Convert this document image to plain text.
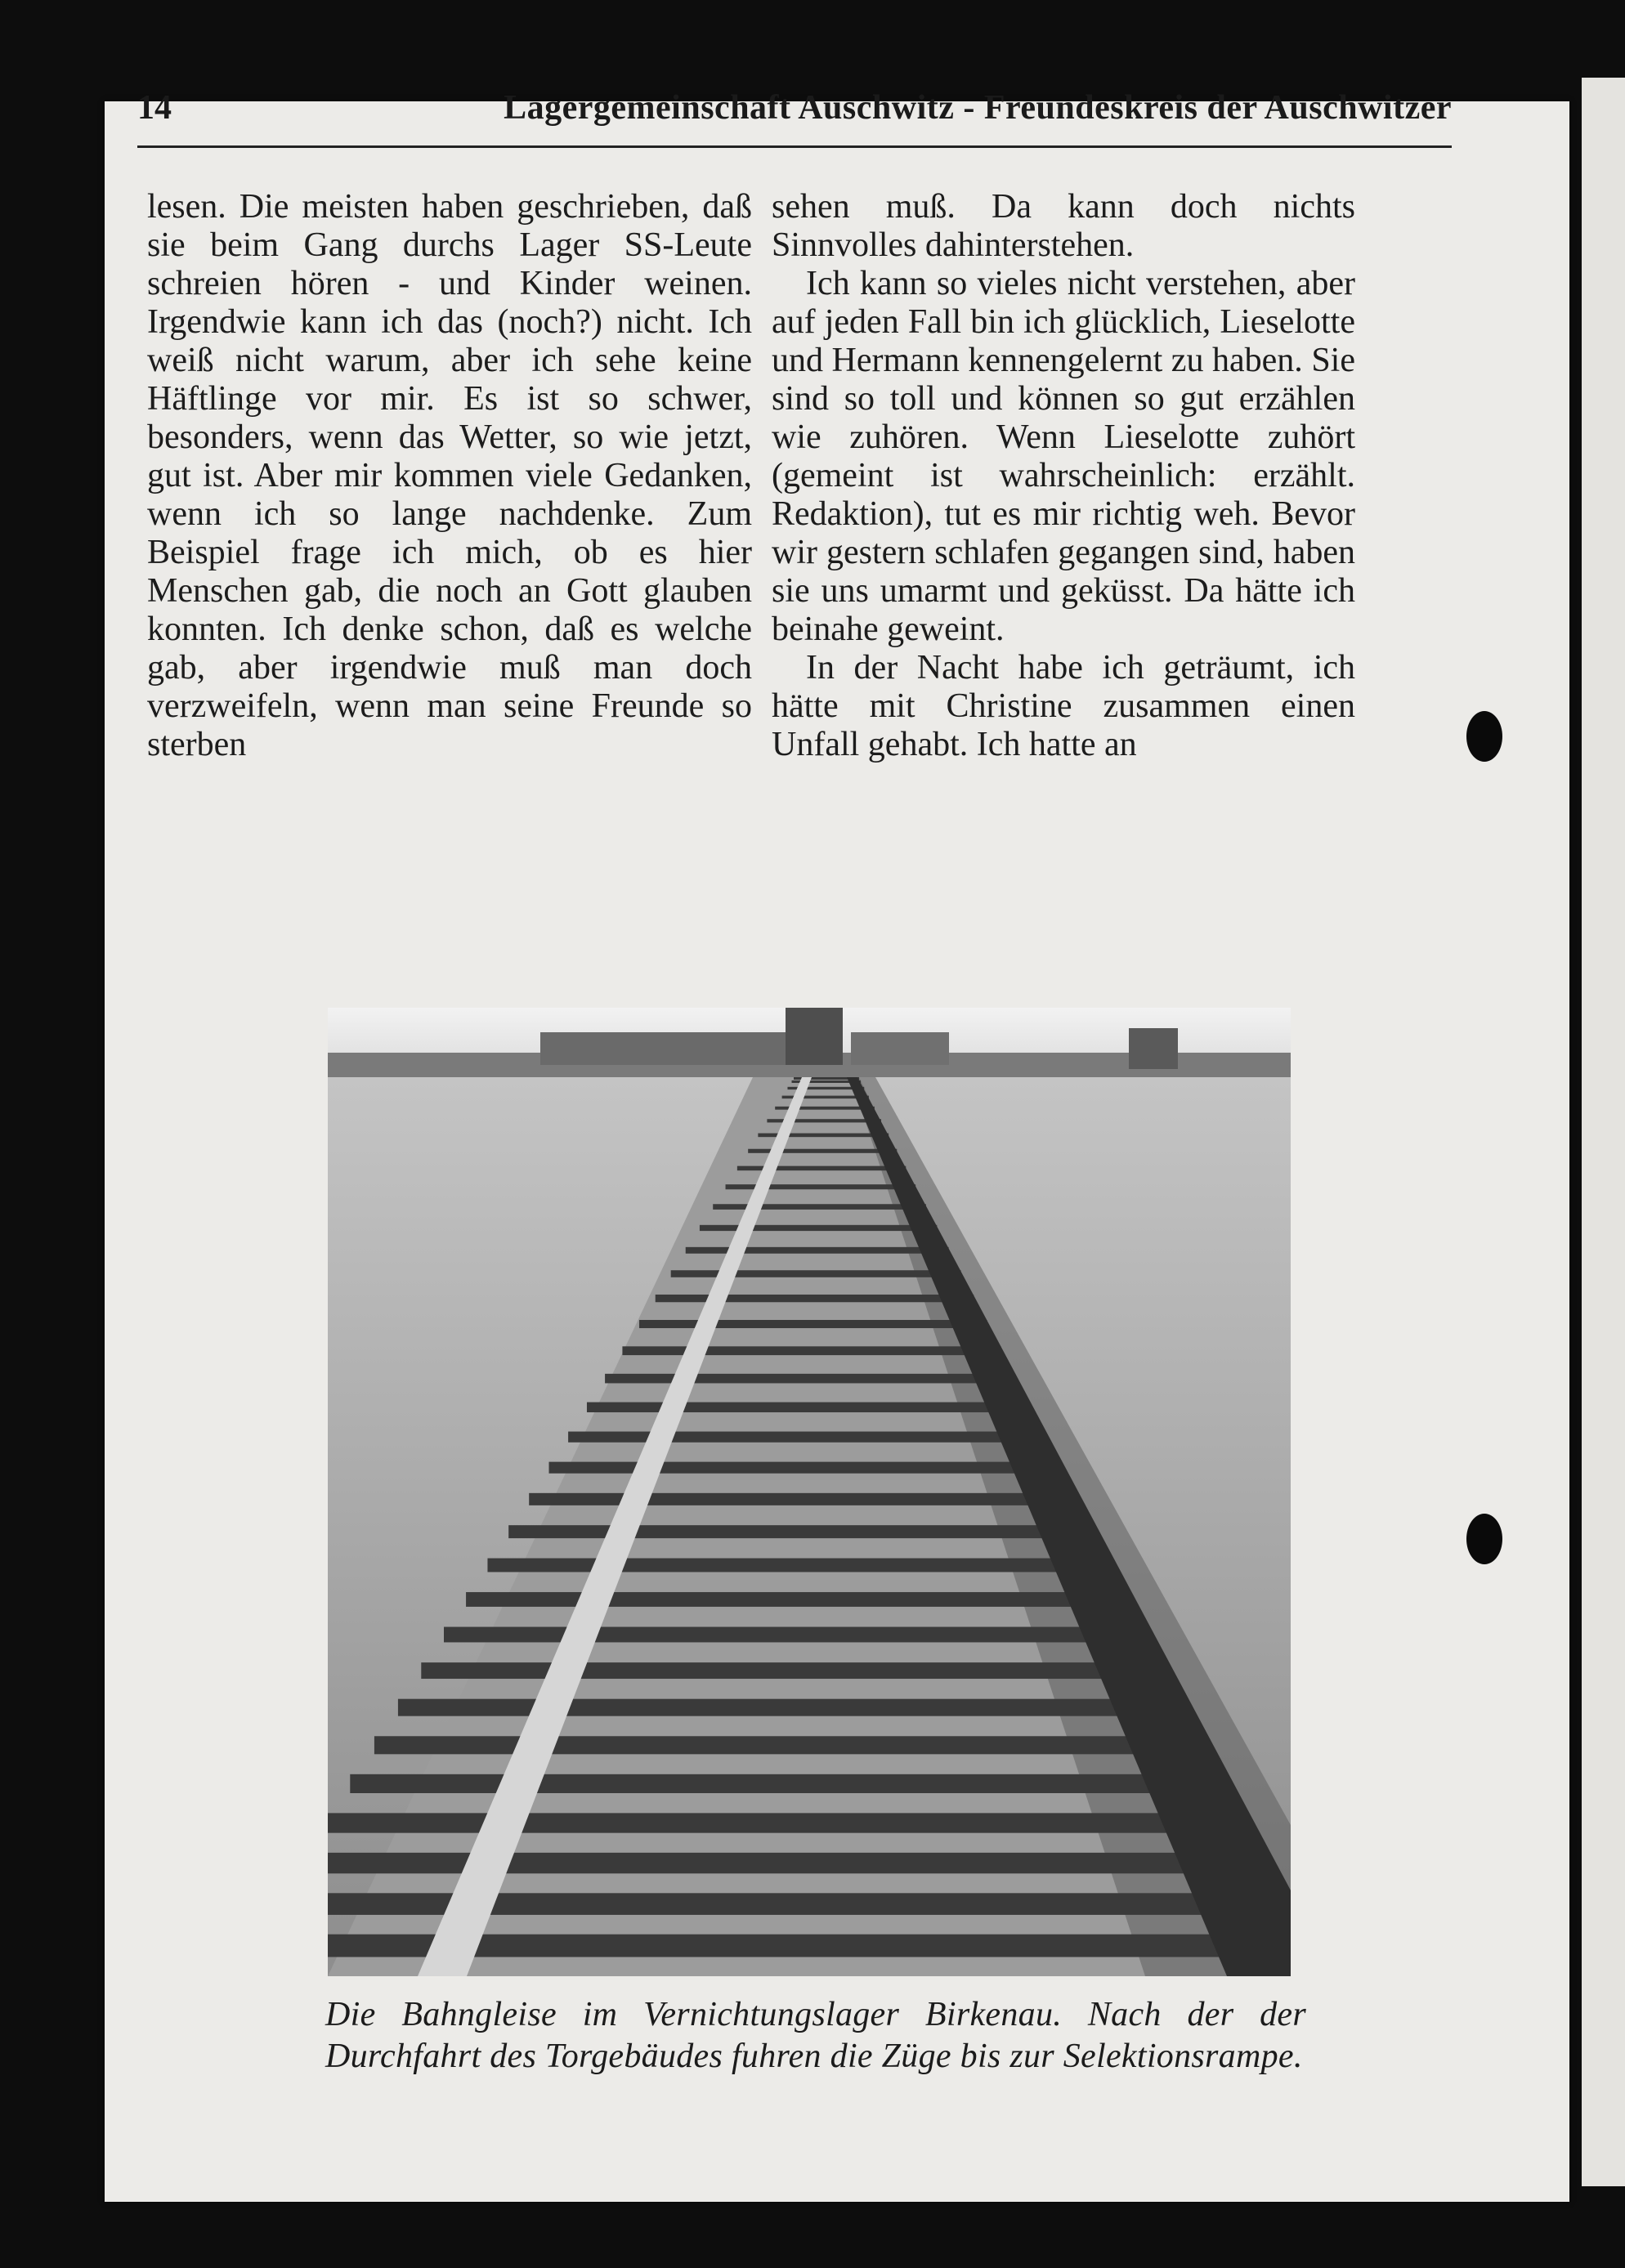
14	Lagergemeinschaft Auschwitz - Freundeskreis der Auschwitzer

lesen. Die meisten haben geschrieben, daß sie beim Gang durchs Lager SS-Leute schreien hören - und Kinder weinen. Irgendwie kann ich das (noch?) nicht. Ich weiß nicht warum, aber ich sehe keine Häftlinge vor mir. Es ist so schwer, besonders, wenn das Wetter, so wie jetzt, gut ist. Aber mir kommen viele Gedanken, wenn ich so lange nachdenke. Zum Beispiel frage ich mich, ob es hier Menschen gab, die noch an Gott glauben konnten. Ich denke schon, daß es welche gab, aber irgendwie muß man doch verzweifeln, wenn man seine Freunde so sterben

sehen muß. Da kann doch nichts Sinnvolles dahinterstehen.

Ich kann so vieles nicht verstehen, aber auf jeden Fall bin ich glücklich, Lieselotte und Hermann kennengelernt zu haben. Sie sind so toll und können so gut erzählen wie zuhören. Wenn Lieselotte zuhört (gemeint ist wahrscheinlich: erzählt. Redaktion), tut es mir richtig weh. Bevor wir gestern schlafen gegangen sind, haben sie uns umarmt und geküsst. Da hätte ich beinahe geweint.

In der Nacht habe ich geträumt, ich hätte mit Christine zusammen einen Unfall gehabt. Ich hatte an

Die Bahngleise im Vernichtungslager Birkenau. Nach der der Durchfahrt des Torgebäudes fuhren die Züge bis zur Selektionsrampe.
